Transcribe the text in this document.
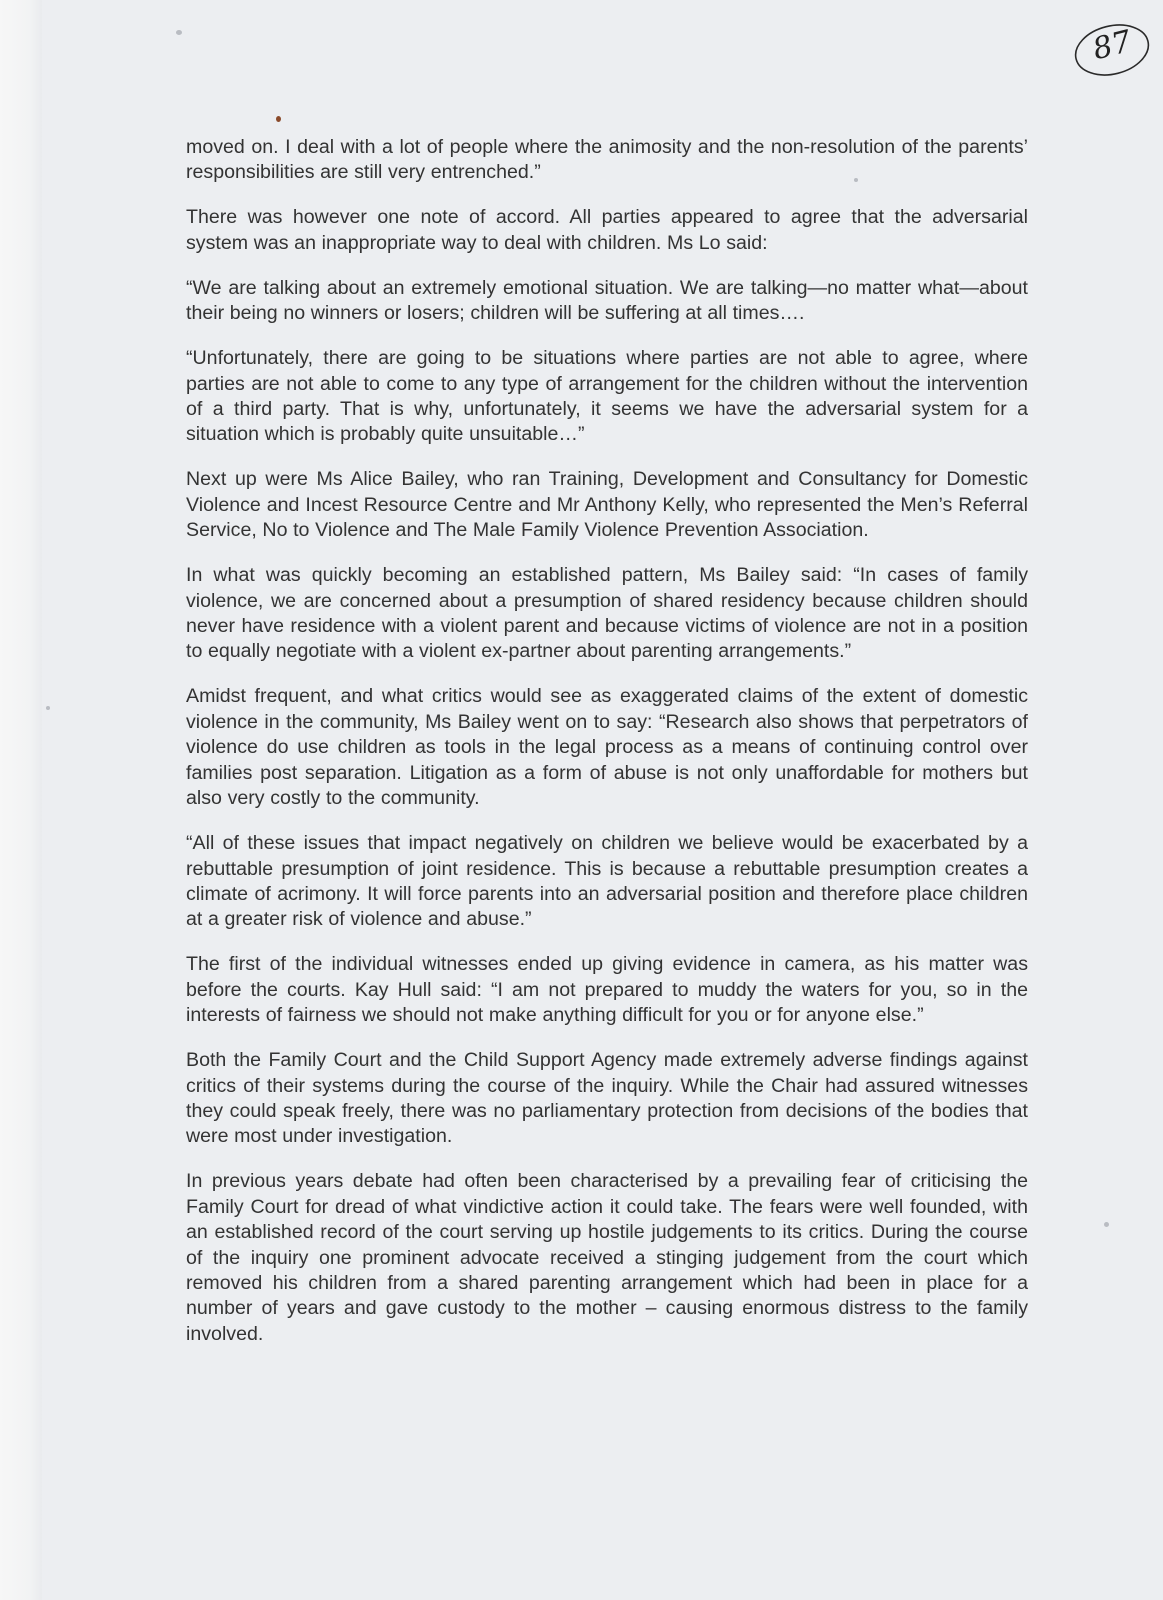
87

moved on. I deal with a lot of people where the animosity and the non-resolution of the parents’ responsibilities are still very entrenched.”

There was however one note of accord. All parties appeared to agree that the adversarial system was an inappropriate way to deal with children. Ms Lo said:

“We are talking about an extremely emotional situation. We are talking—no matter what—about their being no winners or losers; children will be suffering at all times….

“Unfortunately, there are going to be situations where parties are not able to agree, where parties are not able to come to any type of arrangement for the children without the intervention of a third party. That is why, unfortunately, it seems we have the adversarial system for a situation which is probably quite unsuitable…”

Next up were Ms Alice Bailey, who ran Training, Development and Consultancy for Domestic Violence and Incest Resource Centre and Mr Anthony Kelly, who represented the Men’s Referral Service, No to Violence and The Male Family Violence Prevention Association.

In what was quickly becoming an established pattern, Ms Bailey said: “In cases of family violence, we are concerned about a presumption of shared residency because children should never have residence with a violent parent and because victims of violence are not in a position to equally negotiate with a violent ex-partner about parenting arrangements.”

Amidst frequent, and what critics would see as exaggerated claims of the extent of domestic violence in the community, Ms Bailey went on to say: “Research also shows that perpetrators of violence do use children as tools in the legal process as a means of continuing control over families post separation. Litigation as a form of abuse is not only unaffordable for mothers but also very costly to the community.

“All of these issues that impact negatively on children we believe would be exacerbated by a rebuttable presumption of joint residence. This is because a rebuttable presumption creates a climate of acrimony. It will force parents into an adversarial position and therefore place children at a greater risk of violence and abuse.”

The first of the individual witnesses ended up giving evidence in camera, as his matter was before the courts. Kay Hull said: “I am not prepared to muddy the waters for you, so in the interests of fairness we should not make anything difficult for you or for anyone else.”

Both the Family Court and the Child Support Agency made extremely adverse findings against critics of their systems during the course of the inquiry. While the Chair had assured witnesses they could speak freely, there was no parliamentary protection from decisions of the bodies that were most under investigation.

In previous years debate had often been characterised by a prevailing fear of criticising the Family Court for dread of what vindictive action it could take. The fears were well founded, with an established record of the court serving up hostile judgements to its critics. During the course of the inquiry one prominent advocate received a stinging judgement from the court which removed his children from a shared parenting arrangement which had been in place for a number of years and gave custody to the mother – causing enormous distress to the family involved.
